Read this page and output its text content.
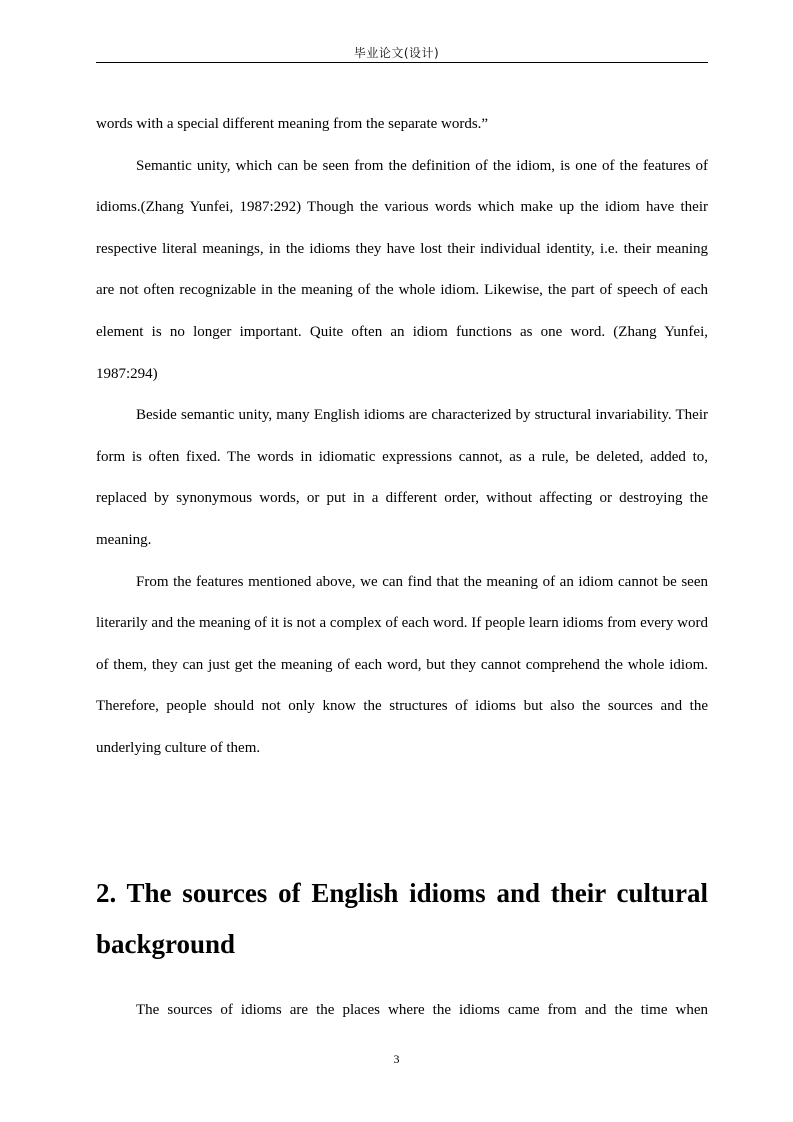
毕业论文(设计)

words with a special different meaning from the separate words.”

Semantic unity, which can be seen from the definition of the idiom, is one of the features of idioms.(Zhang Yunfei, 1987:292) Though the various words which make up the idiom have their respective literal meanings, in the idioms they have lost their individual identity, i.e. their meaning are not often recognizable in the meaning of the whole idiom. Likewise, the part of speech of each element is no longer important. Quite often an idiom functions as one word. (Zhang Yunfei, 1987:294)

Beside semantic unity, many English idioms are characterized by structural invariability. Their form is often fixed. The words in idiomatic expressions cannot, as a rule, be deleted, added to, replaced by synonymous words, or put in a different order, without affecting or destroying the meaning.

From the features mentioned above, we can find that the meaning of an idiom cannot be seen literarily and the meaning of it is not a complex of each word. If people learn idioms from every word of them, they can just get the meaning of each word, but they cannot comprehend the whole idiom. Therefore, people should not only know the structures of idioms but also the sources and the underlying culture of them.

2. The sources of English idioms and their cultural background

The sources of idioms are the places where the idioms came from and the time when

3
